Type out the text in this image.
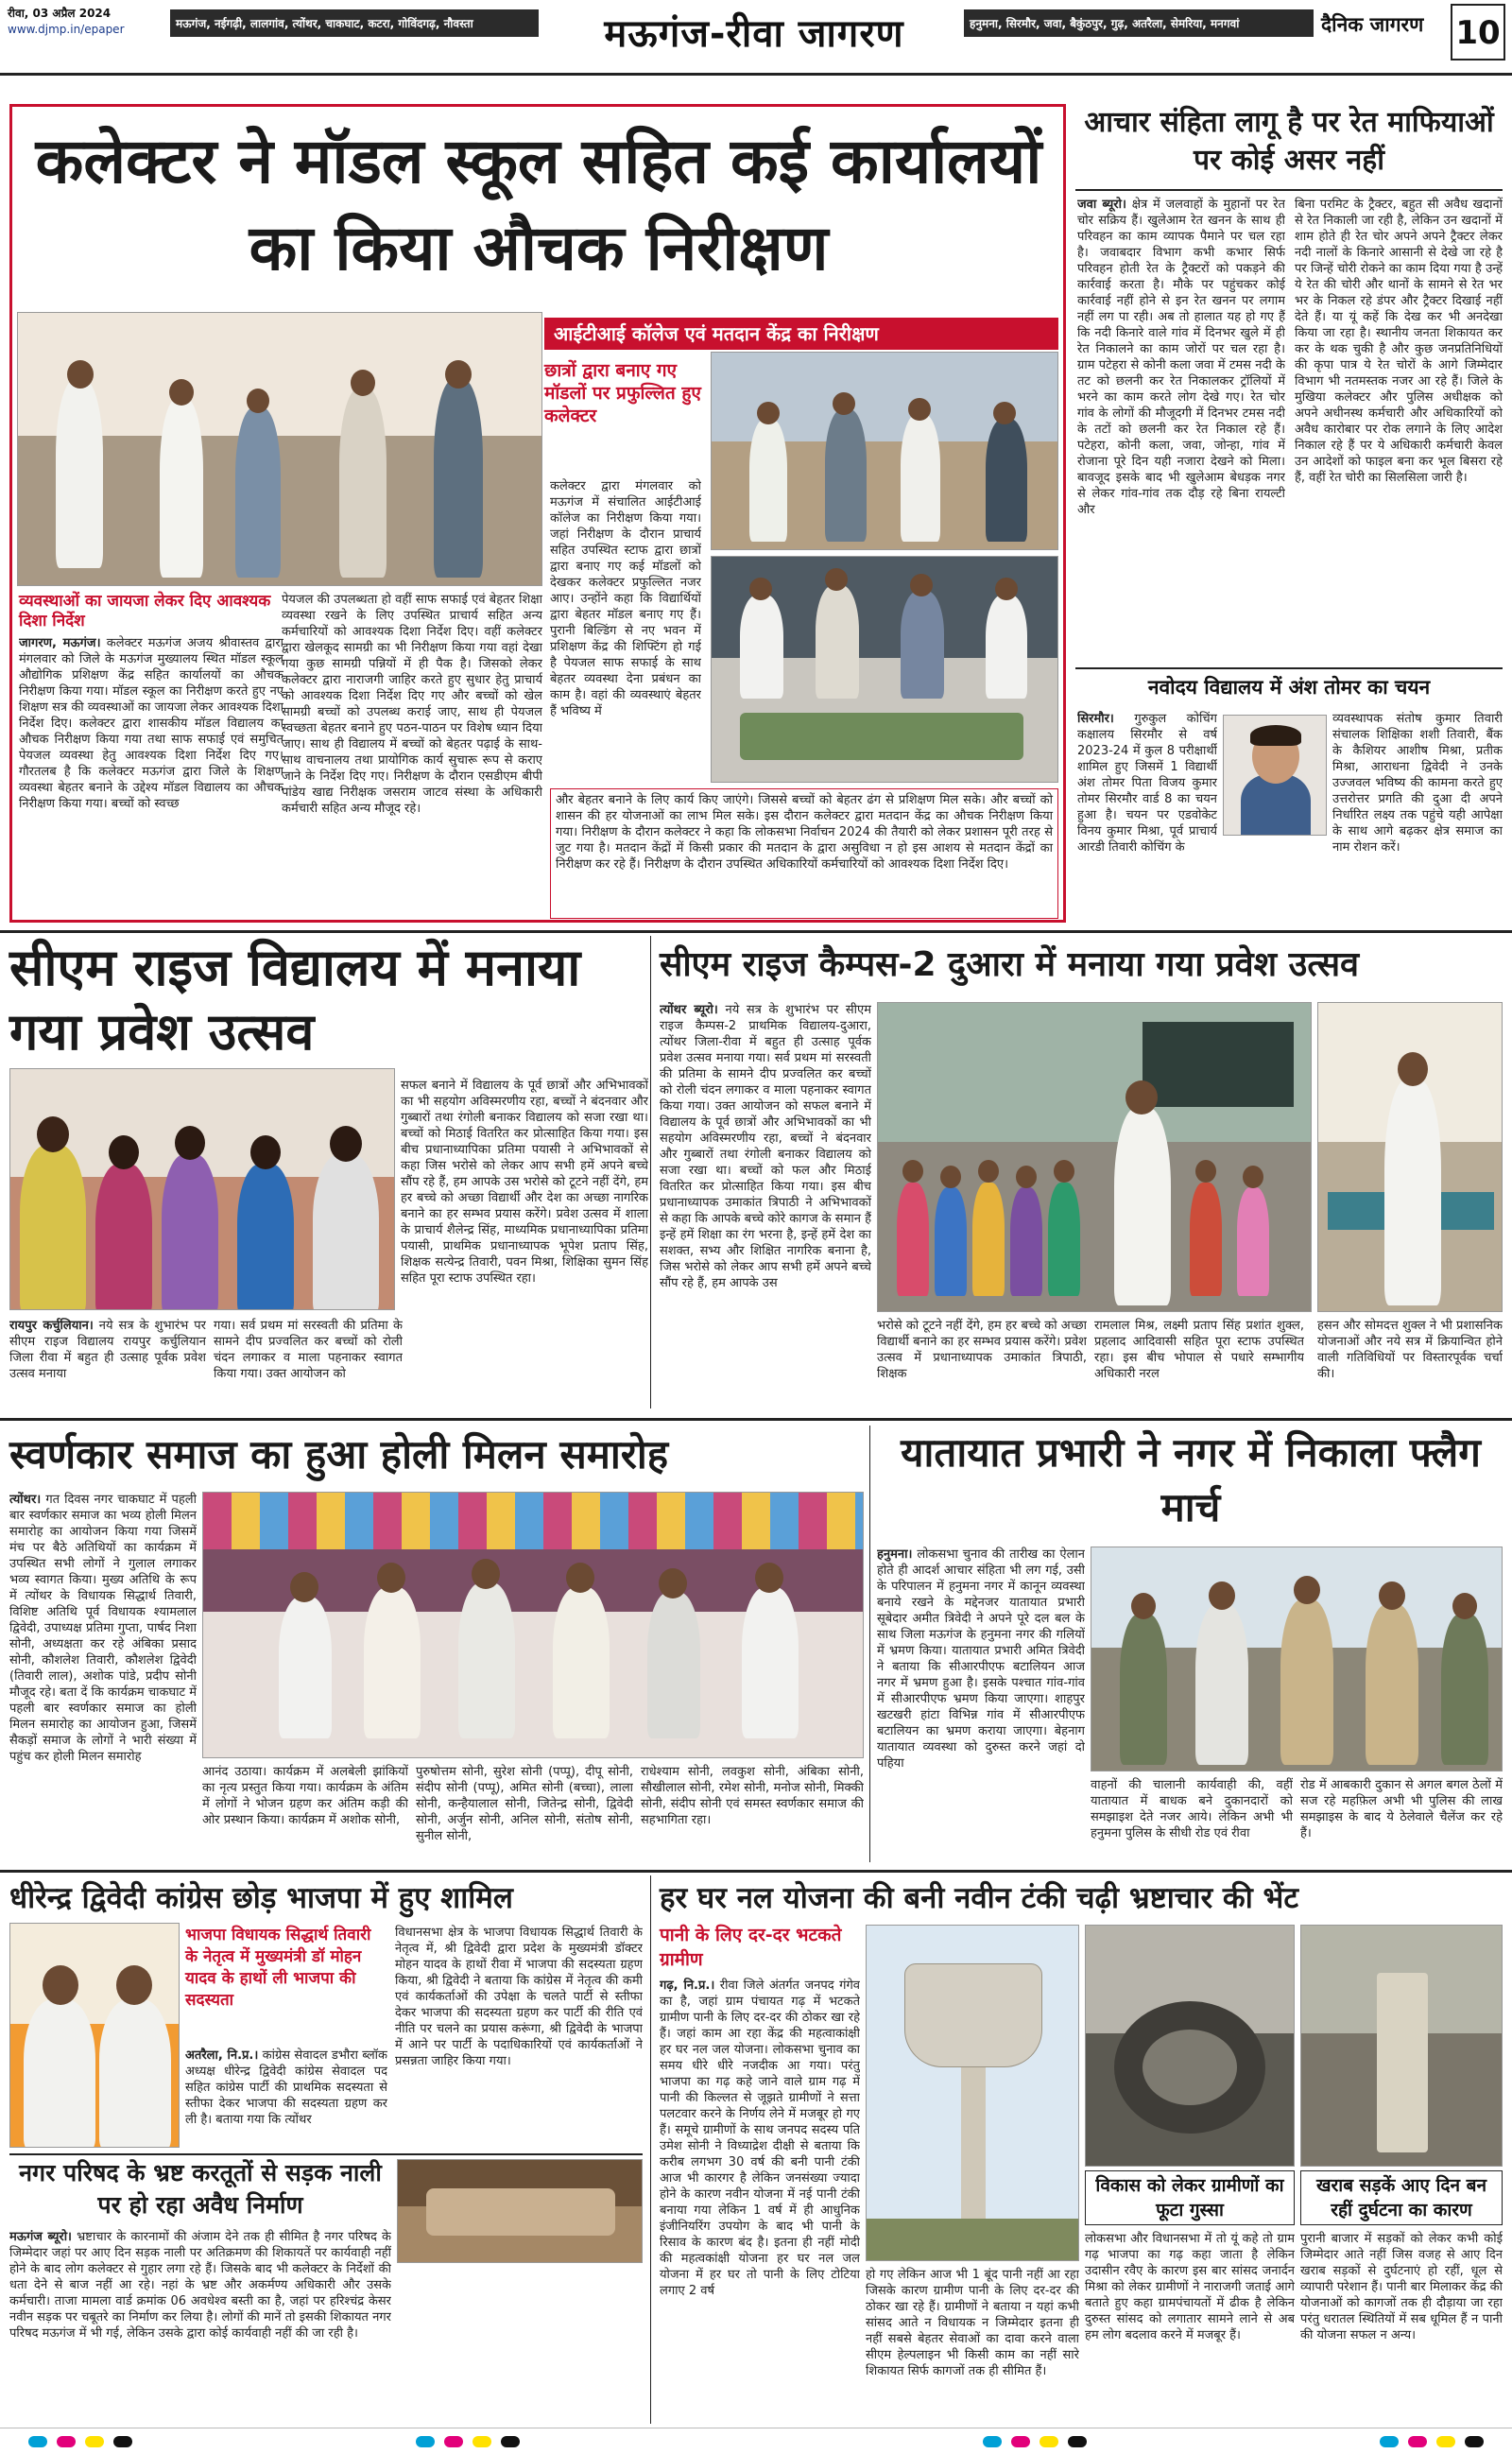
रीवा, 03 अप्रैल 2024
www.djmp.in/epaper	मऊगंज, नईगढ़ी, लालगांव, त्योंथर, चाकघाट, कटरा, गोविंदगढ़, नौवस्ता	मऊगंज-रीवा जागरण	हनुमना, सिरमौर, जवा, बैकुंठपुर, गुढ़, अतरैला, सेमरिया, मनगवां	दैनिक जागरण	10
कलेक्टर ने मॉडल स्कूल सहित कई कार्यालयों का किया औचक निरीक्षण
आईटीआई कॉलेज एवं मतदान केंद्र का निरीक्षण
छात्रों द्वारा बनाए गए मॉडलों पर प्रफुल्लित हुए कलेक्टर
कलेक्टर द्वारा मंगलवार को मऊगंज में संचालित आईटीआई कॉलेज का निरीक्षण किया गया। जहां निरीक्षण के दौरान प्राचार्य सहित उपस्थित स्टाफ द्वारा छात्रों द्वारा बनाए गए कई मॉडलों को देखकर कलेक्टर प्रफुल्लित नजर आए। उन्होंने कहा कि विद्यार्थियों द्वारा बेहतर मॉडल बनाए गए हैं। पुरानी बिल्डिंग से नए भवन में प्रशिक्षण केंद्र की शिफ्टिंग हो गई है पेयजल साफ सफाई के साथ बेहतर व्यवस्था देना प्रबंधन का काम है। वहां की व्यवस्थाएं बेहतर हैं भविष्य में
व्यवस्थाओं का जायजा लेकर दिए आवश्यक दिशा निर्देश
जागरण, मऊगंज। कलेक्टर मऊगंज अजय श्रीवास्तव द्वारा मंगलवार को जिले के मऊगंज मुख्यालय स्थित मॉडल स्कूल औद्योगिक प्रशिक्षण केंद्र सहित कार्यालयों का औचक निरीक्षण किया गया। मॉडल स्कूल का निरीक्षण करते हुए नए शिक्षण सत्र की व्यवस्थाओं का जायजा लेकर आवश्यक दिशा निर्देश दिए। कलेक्टर द्वारा शासकीय मॉडल विद्यालय का औचक निरीक्षण किया गया तथा साफ सफाई एवं समुचित पेयजल व्यवस्था हेतु आवश्यक दिशा निर्देश दिए गए। गौरतलब है कि कलेक्टर मऊगंज द्वारा जिले के शिक्षण व्यवस्था बेहतर बनाने के उद्देश्य मॉडल विद्यालय का औचक निरीक्षण किया गया। बच्चों को स्वच्छ
पेयजल की उपलब्धता हो वहीं साफ सफाई एवं बेहतर शिक्षा व्यवस्था रखने के लिए उपस्थित प्राचार्य सहित अन्य कर्मचारियों को आवश्यक दिशा निर्देश दिए। वहीं कलेक्टर द्वारा खेलकूद सामग्री का भी निरीक्षण किया गया वहां देखा गया कुछ सामग्री पन्नियों में ही पैक है। जिसको लेकर कलेक्टर द्वारा नाराजगी जाहिर करते हुए सुधार हेतु प्राचार्य को आवश्यक दिशा निर्देश दिए गए और बच्चों को खेल सामग्री बच्चों को उपलब्ध कराई जाए, साथ ही पेयजल स्वच्छता बेहतर बनाने हुए पठन-पाठन पर विशेष ध्यान दिया जाए। साथ ही विद्यालय में बच्चों को बेहतर पढ़ाई के साथ-साथ वाचनालय तथा प्रायोगिक कार्य सुचारू रूप से कराए जाने के निर्देश दिए गए। निरीक्षण के दौरान एसडीएम बीपी पांडेय खाद्य निरीक्षक जसराम जाटव संस्था के अधिकारी कर्मचारी सहित अन्य मौजूद रहे।
और बेहतर बनाने के लिए कार्य किए जाएंगे। जिससे बच्चों को बेहतर ढंग से प्रशिक्षण मिल सके। और बच्चों को शासन की हर योजनाओं का लाभ मिल सके। इस दौरान कलेक्टर द्वारा मतदान केंद्र का औचक निरीक्षण किया गया। निरीक्षण के दौरान कलेक्टर ने कहा कि लोकसभा निर्वाचन 2024 की तैयारी को लेकर प्रशासन पूरी तरह से जुट गया है। मतदान केंद्रों में किसी प्रकार की मतदान के द्वारा असुविधा न हो इस आशय से मतदान केंद्रों का निरीक्षण कर रहे हैं। निरीक्षण के दौरान उपस्थित अधिकारियों कर्मचारियों को आवश्यक दिशा निर्देश दिए।
आचार संहिता लागू है पर रेत माफियाओं पर कोई असर नहीं
जवा ब्यूरो। क्षेत्र में जलवाहों के मुहानों पर रेत चोर सक्रिय हैं। खुलेआम रेत खनन के साथ ही परिवहन का काम व्यापक पैमाने पर चल रहा है। जवाबदार विभाग कभी कभार सिर्फ परिवहन होती रेत के ट्रैक्टरों को पकड़ने की कार्रवाई करता है। मौके पर पहुंचकर कोई कार्रवाई नहीं होने से इन रेत खनन पर लगाम नहीं लग पा रही। अब तो हालात यह हो गए हैं कि नदी किनारे वाले गांव में दिनभर खुले में ही रेत निकालने का काम जोरों पर चल रहा है। ग्राम पटेहरा से कोनी कला जवा में टमस नदी के तट को छलनी कर रेत निकालकर ट्रॉलियों में भरने का काम करते लोग देखे गए। रेत चोर गांव के लोगों की मौजूदगी में दिनभर टमस नदी के तटों को छलनी कर रेत निकाल रहे हैं। पटेहरा, कोनी कला, जवा, जोन्हा, गांव में रोजाना पूरे दिन यही नजारा देखने को मिला। बावजूद इसके बाद भी खुलेआम बेधड़क नगर से लेकर गांव-गांव तक दौड़ रहे बिना रायल्टी और
बिना परमिट के ट्रैक्टर, बहुत सी अवैध खदानों से रेत निकाली जा रही है, लेकिन उन खदानों में शाम होते ही रेत चोर अपने अपने ट्रैक्टर लेकर नदी नालों के किनारे आसानी से देखे जा रहे है पर जिन्हें चोरी रोकने का काम दिया गया है उन्हें ये रेत की चोरी और थानों के सामने से रेत भर भर के निकल रहे डंपर और ट्रैक्टर दिखाई नहीं देते हैं। या यूं कहें कि देख कर भी अनदेखा किया जा रहा है। स्थानीय जनता शिकायत कर कर के थक चुकी है और कुछ जनप्रतिनिधियों की कृपा पात्र ये रेत चोरों के आगे जिम्मेदार विभाग भी नतमस्तक नजर आ रहे हैं। जिले के मुखिया कलेक्टर और पुलिस अधीक्षक को अपने अधीनस्थ कर्मचारी और अधिकारियों को अवैध कारोबार पर रोक लगाने के लिए आदेश निकाल रहे हैं पर ये अधिकारी कर्मचारी केवल उन आदेशों को फाइल बना कर भूल बिसरा रहे हैं, वहीं रेत चोरी का सिलसिला जारी है।
नवोदय विद्यालय में अंश तोमर का चयन
सिरमौर। गुरुकुल कोचिंग कक्षालय सिरमौर से वर्ष 2023-24 में कुल 8 परीक्षार्थी शामिल हुए जिसमें 1 विद्यार्थी अंश तोमर पिता विजय कुमार तोमर सिरमौर वार्ड 8 का चयन हुआ है। चयन पर एडवोकेट विनय कुमार मिश्रा, पूर्व प्राचार्य आरडी तिवारी कोचिंग के
व्यवस्थापक संतोष कुमार तिवारी संचालक शिक्षिका शशी तिवारी, बैंक के कैशियर आशीष मिश्रा, प्रतीक मिश्रा, आराधना द्विवेदी ने उनके उज्जवल भविष्य की कामना करते हुए उत्तरोत्तर प्रगति की दुआ दी अपने निर्धारित लक्ष्य तक पहुंचे यही आपेक्षा के साथ आगे बढ़कर क्षेत्र समाज का नाम रोशन करें।
सीएम राइज विद्यालय में मनाया गया प्रवेश उत्सव
सफल बनाने में विद्यालय के पूर्व छात्रों और अभिभावकों का भी सहयोग अविस्मरणीय रहा, बच्चों ने बंदनवार और गुब्बारों तथा रंगोली बनाकर विद्यालय को सजा रखा था। बच्चों को मिठाई वितरित कर प्रोत्साहित किया गया। इस बीच प्रधानाध्यापिका प्रतिमा पयासी ने अभिभावकों से कहा जिस भरोसे को लेकर आप सभी हमें अपने बच्चे सौंप रहे हैं, हम आपके उस भरोसे को टूटने नहीं देंगे, हम हर बच्चे को अच्छा विद्यार्थी और देश का अच्छा नागरिक बनाने का हर सम्भव प्रयास करेंगे। प्रवेश उत्सव में शाला के प्राचार्य शैलेन्द्र सिंह, माध्यमिक प्रधानाध्यापिका प्रतिमा पयासी, प्राथमिक प्रधानाध्यापक भूपेश प्रताप सिंह, शिक्षक सत्येन्द्र तिवारी, पवन मिश्रा, शिक्षिका सुमन सिंह सहित पूरा स्टाफ उपस्थित रहा।
रायपुर कर्चुलियान। नये सत्र के शुभारंभ पर सीएम राइज विद्यालय रायपुर कर्चुलियान जिला रीवा में बहुत ही उत्साह पूर्वक प्रवेश उत्सव मनाया
गया। सर्व प्रथम मां सरस्वती की प्रतिमा के सामने दीप प्रज्वलित कर बच्चों को रोली चंदन लगाकर व माला पहनाकर स्वागत किया गया। उक्त आयोजन को
सीएम राइज कैम्पस-2 दुआरा में मनाया गया प्रवेश उत्सव
त्योंथर ब्यूरो। नये सत्र के शुभारंभ पर सीएम राइज कैम्पस-2 प्राथमिक विद्यालय-दुआरा, त्योंथर जिला-रीवा में बहुत ही उत्साह पूर्वक प्रवेश उत्सव मनाया गया। सर्व प्रथम मां सरस्वती की प्रतिमा के सामने दीप प्रज्वलित कर बच्चों को रोली चंदन लगाकर व माला पहनाकर स्वागत किया गया। उक्त आयोजन को सफल बनाने में विद्यालय के पूर्व छात्रों और अभिभावकों का भी सहयोग अविस्मरणीय रहा, बच्चों ने बंदनवार और गुब्बारों तथा रंगोली बनाकर विद्यालय को सजा रखा था। बच्चों को फल और मिठाई वितरित कर प्रोत्साहित किया गया। इस बीच प्रधानाध्यापक उमाकांत त्रिपाठी ने अभिभावकों से कहा कि आपके बच्चे कोरे कागज के समान हैं इन्हें हमें शिक्षा का रंग भरना है, इन्हें हमें देश का सशक्त, सभ्य और शिक्षित नागरिक बनाना है, जिस भरोसे को लेकर आप सभी हमें अपने बच्चे सौंप रहे हैं, हम आपके उस
भरोसे को टूटने नहीं देंगे, हम हर बच्चे को अच्छा विद्यार्थी बनाने का हर सम्भव प्रयास करेंगे। प्रवेश उत्सव में प्रधानाध्यापक उमाकांत त्रिपाठी, शिक्षक
रामलाल मिश्र, लक्ष्मी प्रताप सिंह प्रशांत शुक्ल, प्रहलाद आदिवासी सहित पूरा स्टाफ उपस्थित रहा। इस बीच भोपाल से पधारे सम्भागीय अधिकारी नरल
हसन और सोमदत्त शुक्ल ने भी प्रशासनिक योजनाओं और नये सत्र में क्रियान्वित होने वाली गतिविधियों पर विस्तारपूर्वक चर्चा की।
स्वर्णकार समाज का हुआ होली मिलन समारोह
त्योंथर। गत दिवस नगर चाकघाट में पहली बार स्वर्णकार समाज का भव्य होली मिलन समारोह का आयोजन किया गया जिसमें मंच पर बैठे अतिथियों का कार्यक्रम में उपस्थित सभी लोगों ने गुलाल लगाकर भव्य स्वागत किया। मुख्य अतिथि के रूप में त्योंथर के विधायक सिद्धार्थ तिवारी, विशिष्ट अतिथि पूर्व विधायक श्यामलाल द्विवेदी, उपाध्यक्ष प्रतिमा गुप्ता, पार्षद निशा सोनी, अध्यक्षता कर रहे अंबिका प्रसाद सोनी, कौशलेश तिवारी, कौशलेश द्विवेदी (तिवारी लाल), अशोक पांडे, प्रदीप सोनी मौजूद रहे। बता दें कि कार्यक्रम चाकघाट में पहली बार स्वर्णकार समाज का होली मिलन समारोह का आयोजन हुआ, जिसमें सैकड़ों समाज के लोगों ने भारी संख्या में पहुंच कर होली मिलन समारोह
आनंद उठाया। कार्यक्रम में अलबेली झांकियों का नृत्य प्रस्तुत किया गया। कार्यक्रम के अंतिम में लोगों ने भोजन ग्रहण कर अंतिम कड़ी की ओर प्रस्थान किया। कार्यक्रम में अशोक सोनी,
पुरुषोत्तम सोनी, सुरेश सोनी (पप्पू), दीपू सोनी, संदीप सोनी (पप्पू), अमित सोनी (बच्चा), लाला सोनी, कन्हैयालाल सोनी, जितेन्द्र सोनी, द्विवेदी सोनी, अर्जुन सोनी, अनिल सोनी, संतोष सोनी, सुनील सोनी,
राधेश्याम सोनी, लवकुश सोनी, अंबिका सोनी, सौखीलाल सोनी, रमेश सोनी, मनोज सोनी, मिक्की सोनी, संदीप सोनी एवं समस्त स्वर्णकार समाज की सहभागिता रहा।
यातायात प्रभारी ने नगर में निकाला फ्लैग मार्च
हनुमना। लोकसभा चुनाव की तारीख का ऐलान होते ही आदर्श आचार संहिता भी लग गई, उसी के परिपालन में हनुमना नगर में कानून व्यवस्था बनाये रखने के मद्देनजर यातायात प्रभारी सूबेदार अमीत त्रिवेदी ने अपने पूरे दल बल के साथ जिला मऊगंज के हनुमना नगर की गलियों में भ्रमण किया। यातायात प्रभारी अमित त्रिवेदी ने बताया कि सीआरपीएफ बटालियन आज नगर में भ्रमण हुआ है। इसके पश्चात गांव-गांव में सीआरपीएफ भ्रमण किया जाएगा। शाहपुर खटखरी हांटा विभिन्न गांव में सीआरपीएफ बटालियन का भ्रमण कराया जाएगा। बेहनाग यातायात व्यवस्था को दुरुस्त करने जहां दो पहिया
वाहनों की चालानी कार्यवाही की, वहीं यातायात में बाधक बने दुकानदारों को समझाइश देते नजर आये। लेकिन अभी भी हनुमना पुलिस के सीधी रोड एवं रीवा
रोड में आबकारी दुकान से अगल बगल ठेलों में सज रहे महफ़िल अभी भी पुलिस की लाख समझाइस के बाद ये ठेलेवाले चैलेंज कर रहे हैं।
धीरेन्द्र द्विवेदी कांग्रेस छोड़ भाजपा में हुए शामिल
भाजपा विधायक सिद्धार्थ तिवारी के नेतृत्व में मुख्यमंत्री डॉ मोहन यादव के हाथों ली भाजपा की सदस्यता
अतरैला, नि.प्र.। कांग्रेस सेवादल डभौरा ब्लॉक अध्यक्ष धीरेन्द्र द्विवेदी कांग्रेस सेवादल पद सहित कांग्रेस पार्टी की प्राथमिक सदस्यता से स्तीफा देकर भाजपा की सदस्यता ग्रहण कर ली है। बताया गया कि त्योंथर
विधानसभा क्षेत्र के भाजपा विधायक सिद्धार्थ तिवारी के नेतृत्व में, श्री द्विवेदी द्वारा प्रदेश के मुख्यमंत्री डॉक्टर मोहन यादव के हाथों रीवा में भाजपा की सदस्यता ग्रहण किया, श्री द्विवेदी ने बताया कि कांग्रेस में नेतृत्व की कमी एवं कार्यकर्ताओं की उपेक्षा के चलते पार्टी से स्तीफा देकर भाजपा की सदस्यता ग्रहण कर पार्टी की रीति एवं नीति पर चलने का प्रयास करूंगा, श्री द्विवेदी के भाजपा में आने पर पार्टी के पदाधिकारियों एवं कार्यकर्ताओं ने प्रसन्नता जाहिर किया गया।
नगर परिषद के भ्रष्ट करतूतों से सड़क नाली पर हो रहा अवैध निर्माण
मऊगंज ब्यूरो। भ्रष्टाचार के कारनामों की अंजाम देने तक ही सीमित है नगर परिषद के जिम्मेदार जहां पर आए दिन सड़क नाली पर अतिक्रमण की शिकायतें पर कार्यवाही नहीं होने के बाद लोग कलेक्टर से गुहार लगा रहे हैं। जिसके बाद भी कलेक्टर के निर्देशों की धता देने से बाज नहीं आ रहे। नहां के भ्रष्ट और अकर्मण्य अधिकारी और उसके कर्मचारी। ताजा मामला वार्ड क्रमांक 06 अवधेश्व बस्ती का है, जहां पर हरिश्चंद्र केसर नवीन सड़क पर चबूतरे का निर्माण कर लिया है। लोगों की मानें तो इसकी शिकायत नगर परिषद मऊगंज में भी गई, लेकिन उसके द्वारा कोई कार्यवाही नहीं की जा रही है।
हर घर नल योजना की बनी नवीन टंकी चढ़ी भ्रष्टाचार की भेंट
पानी के लिए दर-दर भटकते ग्रामीण
गढ़, नि.प्र.। रीवा जिले अंतर्गत जनपद गंगेव का है, जहां ग्राम पंचायत गढ़ में भटकते ग्रामीण पानी के लिए दर-दर की ठोकर खा रहे हैं। जहां काम आ रहा केंद्र की महत्वाकांक्षी हर घर नल जल योजना। लोकसभा चुनाव का समय धीरे धीरे नजदीक आ गया। परंतु भाजपा का गढ़ कहे जाने वाले ग्राम गढ़ में पानी की किल्लत से जूझते ग्रामीणों ने सत्ता पलटवार करने के निर्णय लेने में मजबूर हो गए हैं। समूचे ग्रामीणों के साथ जनपद सदस्य पति उमेश सोनी ने विध्याद्रेश दीक्षी से बताया कि करीब लगभग 30 वर्ष की बनी पानी टंकी आज भी कारगर है लेकिन जनसंख्या ज्यादा होने के कारण नवीन योजना में नई पानी टंकी बनाया गया लेकिन 1 वर्ष में ही आधुनिक इंजीनियरिंग उपयोग के बाद भी पानी के रिसाव के कारण बंद है। इतना ही नहीं मोदी की महत्वकांक्षी योजना हर घर नल जल योजना में हर घर तो पानी के लिए टोटिया लगाए 2 वर्ष
विकास को लेकर ग्रामीणों का फूटा गुस्सा
खराब सड़कें आए दिन बन रहीं दुर्घटना का कारण
हो गए लेकिन आज भी 1 बूंद पानी नहीं आ रहा जिसके कारण ग्रामीण पानी के लिए दर-दर की ठोकर खा रहे हैं। ग्रामीणों ने बताया न यहां कभी सांसद आते न विधायक न जिम्मेदार इतना ही नहीं सबसे बेहतर सेवाओं का दावा करने वाला सीएम हेल्पलाइन भी किसी काम का नहीं सारे शिकायत सिर्फ कागजों तक ही सीमित हैं।
लोकसभा और विधानसभा में तो यूं कहे तो ग्राम गढ़ भाजपा का गढ़ कहा जाता है लेकिन उदासीन रवैए के कारण इस बार सांसद जनार्दन मिश्रा को लेकर ग्रामीणों ने नाराजगी जताई आगे बताते हुए कहा ग्रामपंचायतों में ढीक है लेकिन दुरुस्त सांसद को लगातार सामने लाने से अब हम लोग बदलाव करने में मजबूर हैं।
पुरानी बाजार में सड़कों को लेकर कभी कोई जिम्मेदार आते नहीं जिस वजह से आए दिन खराब सड़कों से दुर्घटनाएं हो रहीं, धूल से व्यापारी परेशान हैं। पानी बार मिलाकर केंद्र की योजनाओं को कागजों तक ही दौड़ाया जा रहा परंतु धरातल स्थितियों में सब धूमिल हैं न पानी की योजना सफल न अन्य।
